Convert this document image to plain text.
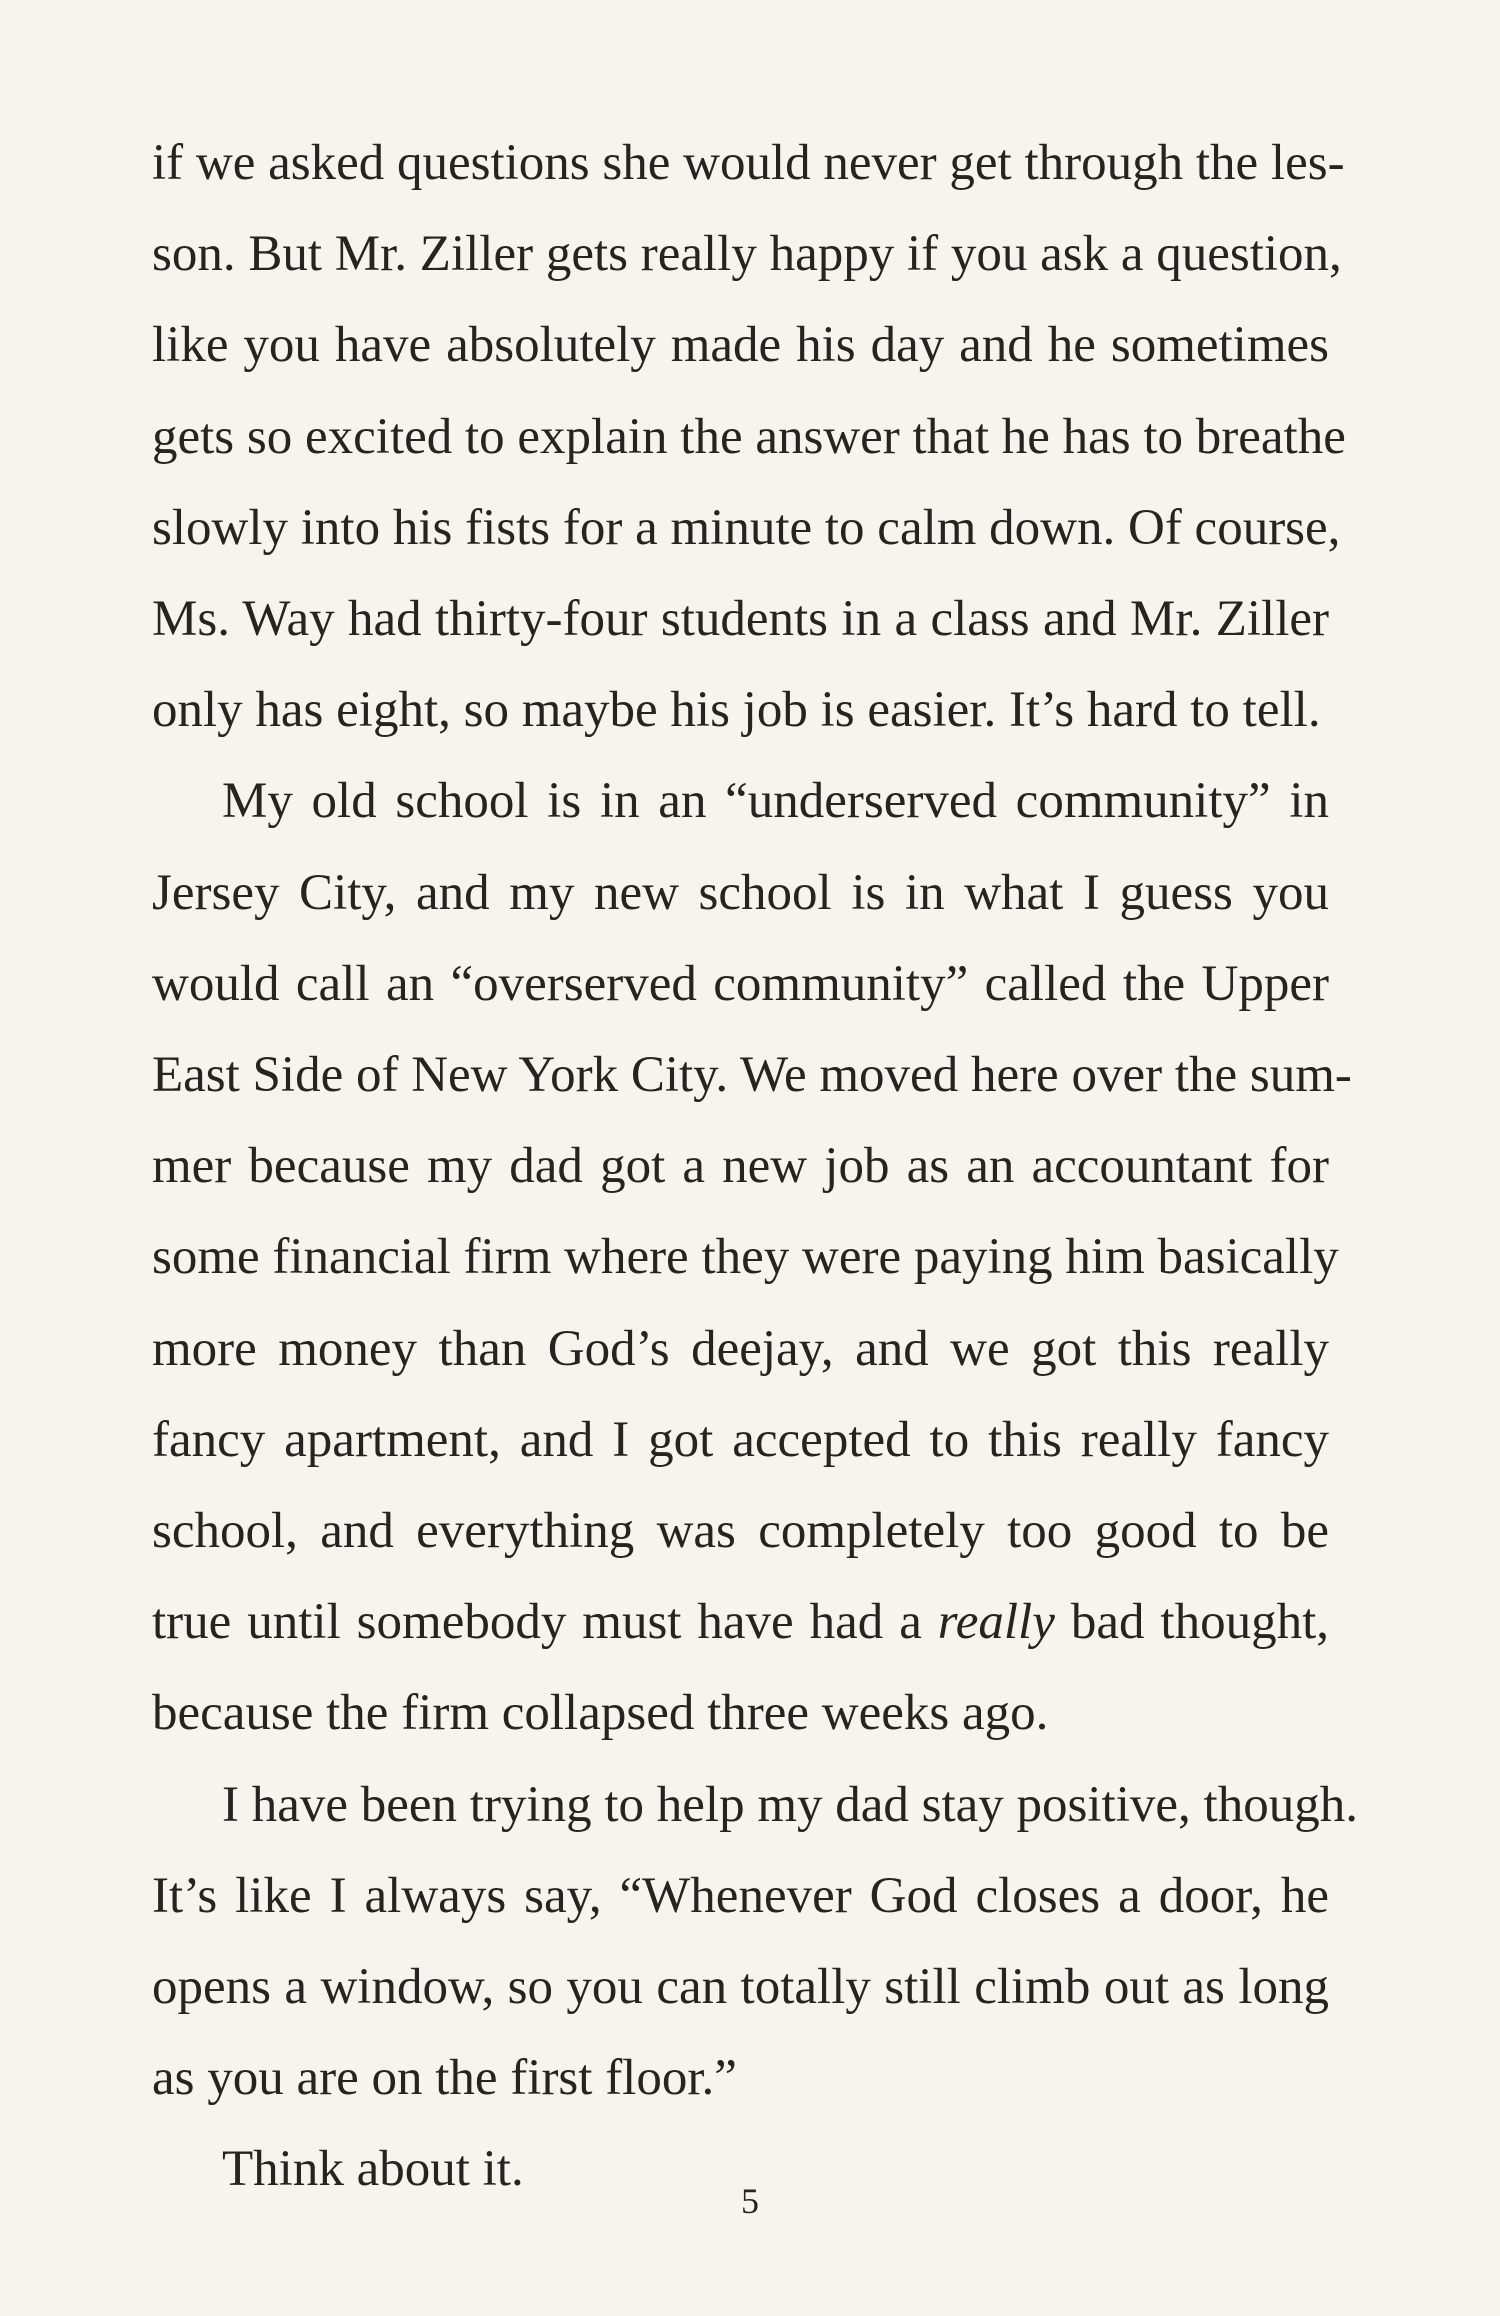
if we asked questions she would never get through the les-
son. But Mr. Ziller gets really happy if you ask a question,
like you have absolutely made his day and he sometimes
gets so excited to explain the answer that he has to breathe
slowly into his fists for a minute to calm down. Of course,
Ms. Way had thirty-four students in a class and Mr. Ziller
only has eight, so maybe his job is easier. It’s hard to tell.

My old school is in an “underserved community” in
Jersey City, and my new school is in what I guess you
would call an “overserved community” called the Upper
East Side of New York City. We moved here over the sum-
mer because my dad got a new job as an accountant for
some financial firm where they were paying him basically
more money than God’s deejay, and we got this really
fancy apartment, and I got accepted to this really fancy
school, and everything was completely too good to be
true until somebody must have had a really bad thought,
because the firm collapsed three weeks ago.

I have been trying to help my dad stay positive, though.
It’s like I always say, “Whenever God closes a door, he
opens a window, so you can totally still climb out as long
as you are on the first floor.”

Think about it.

5
